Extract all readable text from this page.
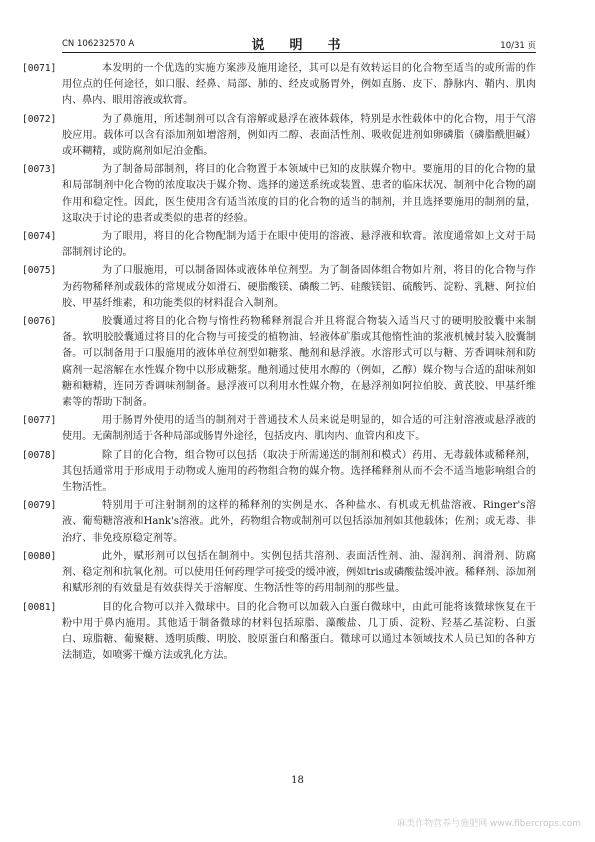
CN 106232570 A	说　明　书	10/31 页

[0071]	本发明的一个优选的实施方案涉及施用途径，其可以是有效转运目的化合物至适当的或所需的作用位点的任何途径，如口服、经鼻、局部、肺的、经皮或肠胃外，例如直肠、皮下、静脉内、鞘内、肌肉内、鼻内、眼用溶液或软膏。

[0072]	为了鼻施用，所述制剂可以含有溶解或悬浮在液体载体，特别是水性载体中的化合物，用于气溶胶应用。载体可以含有添加剂如增溶剂，例如丙二醇、表面活性剂、吸收促进剂如卵磷脂（磷脂酰胆碱）或环糊精，或防腐剂如尼泊金酯。

[0073]	为了制备局部制剂，将目的化合物置于本领域中已知的皮肤媒介物中。要施用的目的化合物的量和局部制剂中化合物的浓度取决于媒介物、选择的递送系统或装置、患者的临床状况、制剂中化合物的副作用和稳定性。因此，医生使用含有适当浓度的目的化合物的适当的制剂，并且选择要施用的制剂的量，这取决于讨论的患者或类似的患者的经验。

[0074]	为了眼用，将目的化合物配制为适于在眼中使用的溶液、悬浮液和软膏。浓度通常如上文对于局部制剂讨论的。

[0075]	为了口服施用，可以制备固体或液体单位剂型。为了制备固体组合物如片剂，将目的化合物与作为药物稀释剂或载体的常规成分如滑石、硬脂酸镁、磷酸二钙、硅酸镁铝、硫酸钙、淀粉、乳糖、阿拉伯胶、甲基纤维素，和功能类似的材料混合入制剂。

[0076]	胶囊通过将目的化合物与惰性药物稀释剂混合并且将混合物装入适当尺寸的硬明胶胶囊中来制备。软明胶胶囊通过将目的化合物与可接受的植物油、轻液体矿脂或其他惰性油的浆液机械封装入胶囊制备。可以制备用于口服施用的液体单位剂型如糖浆、酏剂和悬浮液。水溶形式可以与糖、芳香调味剂和防腐剂一起溶解在水性媒介物中以形成糖浆。酏剂通过使用水醇的（例如，乙醇）媒介物与合适的甜味剂如糖和糖精，连同芳香调味剂制备。悬浮液可以利用水性媒介物，在悬浮剂如阿拉伯胶、黄芪胶、甲基纤维素等的帮助下制备。

[0077]	用于肠胃外使用的适当的制剂对于普通技术人员来说是明显的，如合适的可注射溶液或悬浮液的使用。无菌制剂适于各种局部或肠胃外途径，包括皮内、肌肉内、血管内和皮下。

[0078]	除了目的化合物，组合物可以包括（取决于所需递送的制剂和模式）药用、无毒载体或稀释剂，其包括通常用于形成用于动物或人施用的药物组合物的媒介物。选择稀释剂从而不会不适当地影响组合的生物活性。

[0079]	特别用于可注射制剂的这样的稀释剂的实例是水、各种盐水、有机或无机盐溶液、Ringer's溶液、葡萄糖溶液和Hank's溶液。此外，药物组合物或制剂可以包括添加剂如其他载体；佐剂；或无毒、非治疗、非免疫原稳定剂等。

[0080]	此外，赋形剂可以包括在制剂中。实例包括共溶剂、表面活性剂、油、湿润剂、润滑剂、防腐剂、稳定剂和抗氧化剂。可以使用任何药理学可接受的缓冲液，例如tris或磷酸盐缓冲液。稀释剂、添加剂和赋形剂的有效量是有效获得关于溶解度、生物活性等的药用制剂的那些量。

[0081]	目的化合物可以并入微球中。目的化合物可以加载入白蛋白微球中，由此可能将该微球恢复在干粉中用于鼻内施用。其他适于制备微球的材料包括琼脂、藻酸盐、几丁质、淀粉、羟基乙基淀粉、白蛋白、琼脂糖、葡聚糖、透明质酸、明胶、胶原蛋白和酪蛋白。微球可以通过本领域技术人员已知的各种方法制造，如喷雾干燥方法或乳化方法。

18
麻类作物营养与施肥网 www.fibercrops.com
